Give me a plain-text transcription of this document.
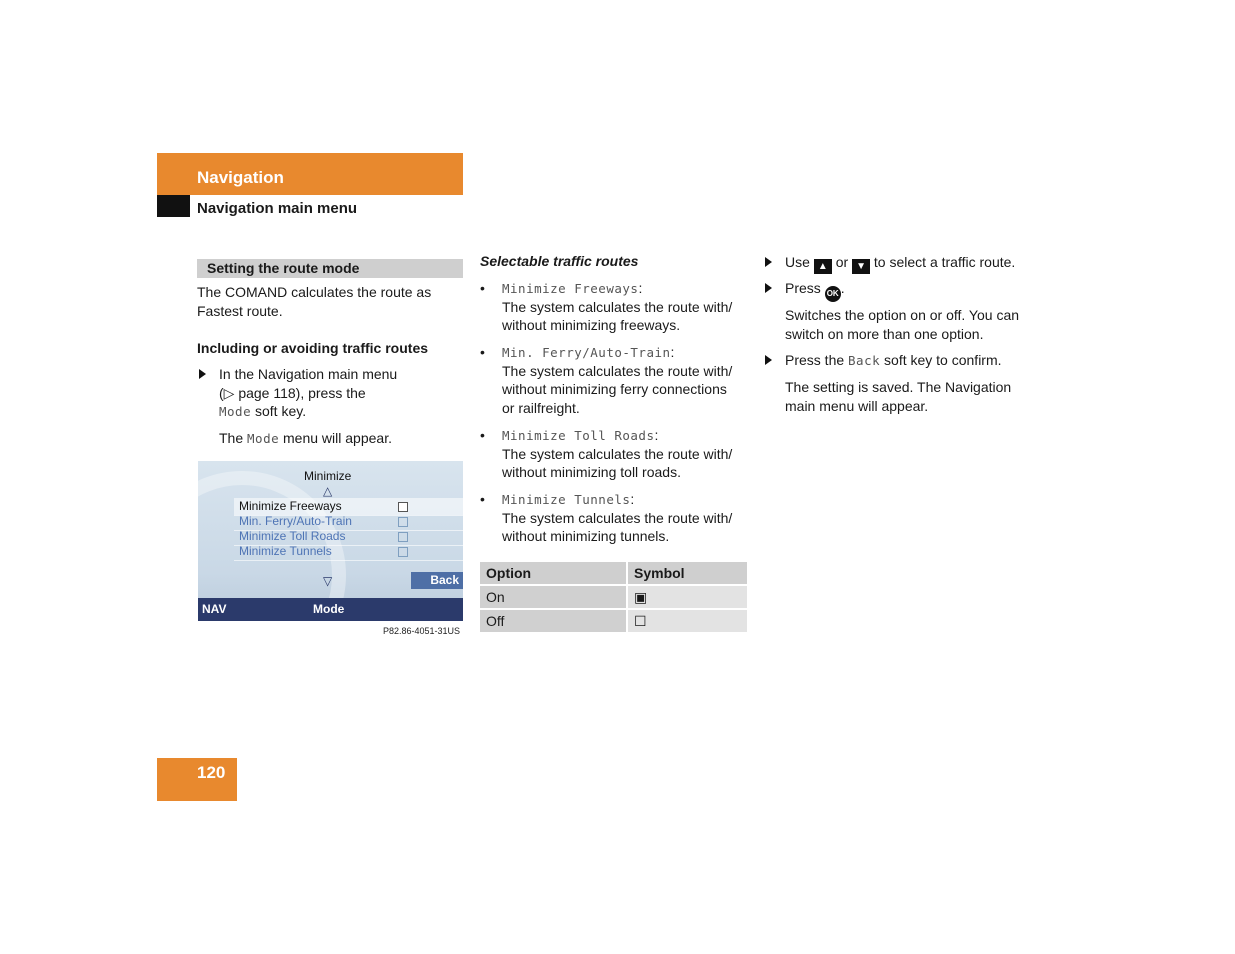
Navigation
Navigation main menu
Setting the route mode
The COMAND calculates the route as
Fastest route.
Including or avoiding traffic routes
In the Navigation main menu
(▷ page 118), press the
Mode soft key.
The Mode menu will appear.
Minimize
△
Minimize Freeways
Min. Ferry/Auto-Train
Minimize Toll Roads
Minimize Tunnels
▽	Back
NAV	Mode
P82.86-4051-31US
Selectable traffic routes
• Minimize Freeways:
The system calculates the route with/
without minimizing freeways.
• Min. Ferry/Auto-Train:
The system calculates the route with/
without minimizing ferry connections
or railfreight.
• Minimize Toll Roads:
The system calculates the route with/
without minimizing toll roads.
• Minimize Tunnels:
The system calculates the route with/
without minimizing tunnels.
Option	Symbol
On	▣
Off	☐
Use ▲ or ▼ to select a traffic route.
Press OK .
Switches the option on or off. You can
switch on more than one option.
Press the Back soft key to confirm.
The setting is saved. The Navigation
main menu will appear.
120
